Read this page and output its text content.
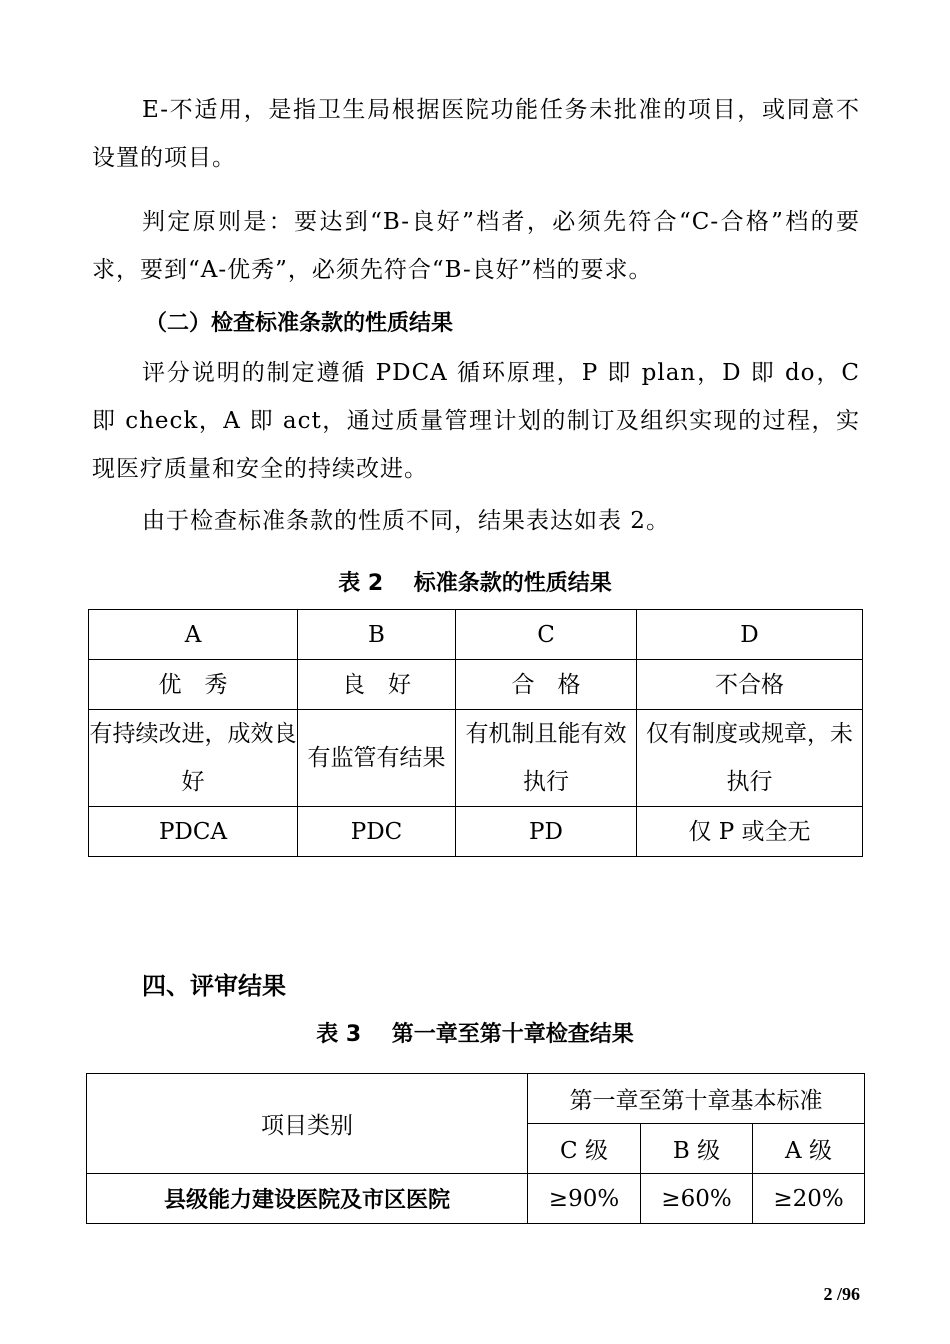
E-不适用，是指卫生局根据医院功能任务未批准的项目，或同意不设置的项目。

判定原则是：要达到“B-良好”档者，必须先符合“C-合格”档的要求，要到“A-优秀”，必须先符合“B-良好”档的要求。

（二）检查标准条款的性质结果

评分说明的制定遵循 PDCA 循环原理，P 即 plan，D 即 do，C 即 check，A 即 act，通过质量管理计划的制订及组织实现的过程，实现医疗质量和安全的持续改进。

由于检查标准条款的性质不同，结果表达如表 2。

表 2    标准条款的性质结果

A	B	C	D
优　秀	良　好	合　格	不合格
有持续改进，成效良好	有监管有结果	有机制且能有效执行	仅有制度或规章，未执行
PDCA	PDC	PD	仅 P 或全无

四、评审结果

表 3    第一章至第十章检查结果

项目类别	第一章至第十章基本标准		
	C 级	B 级	A 级
县级能力建设医院及市区医院	≥90%	≥60%	≥20%

2 /96
